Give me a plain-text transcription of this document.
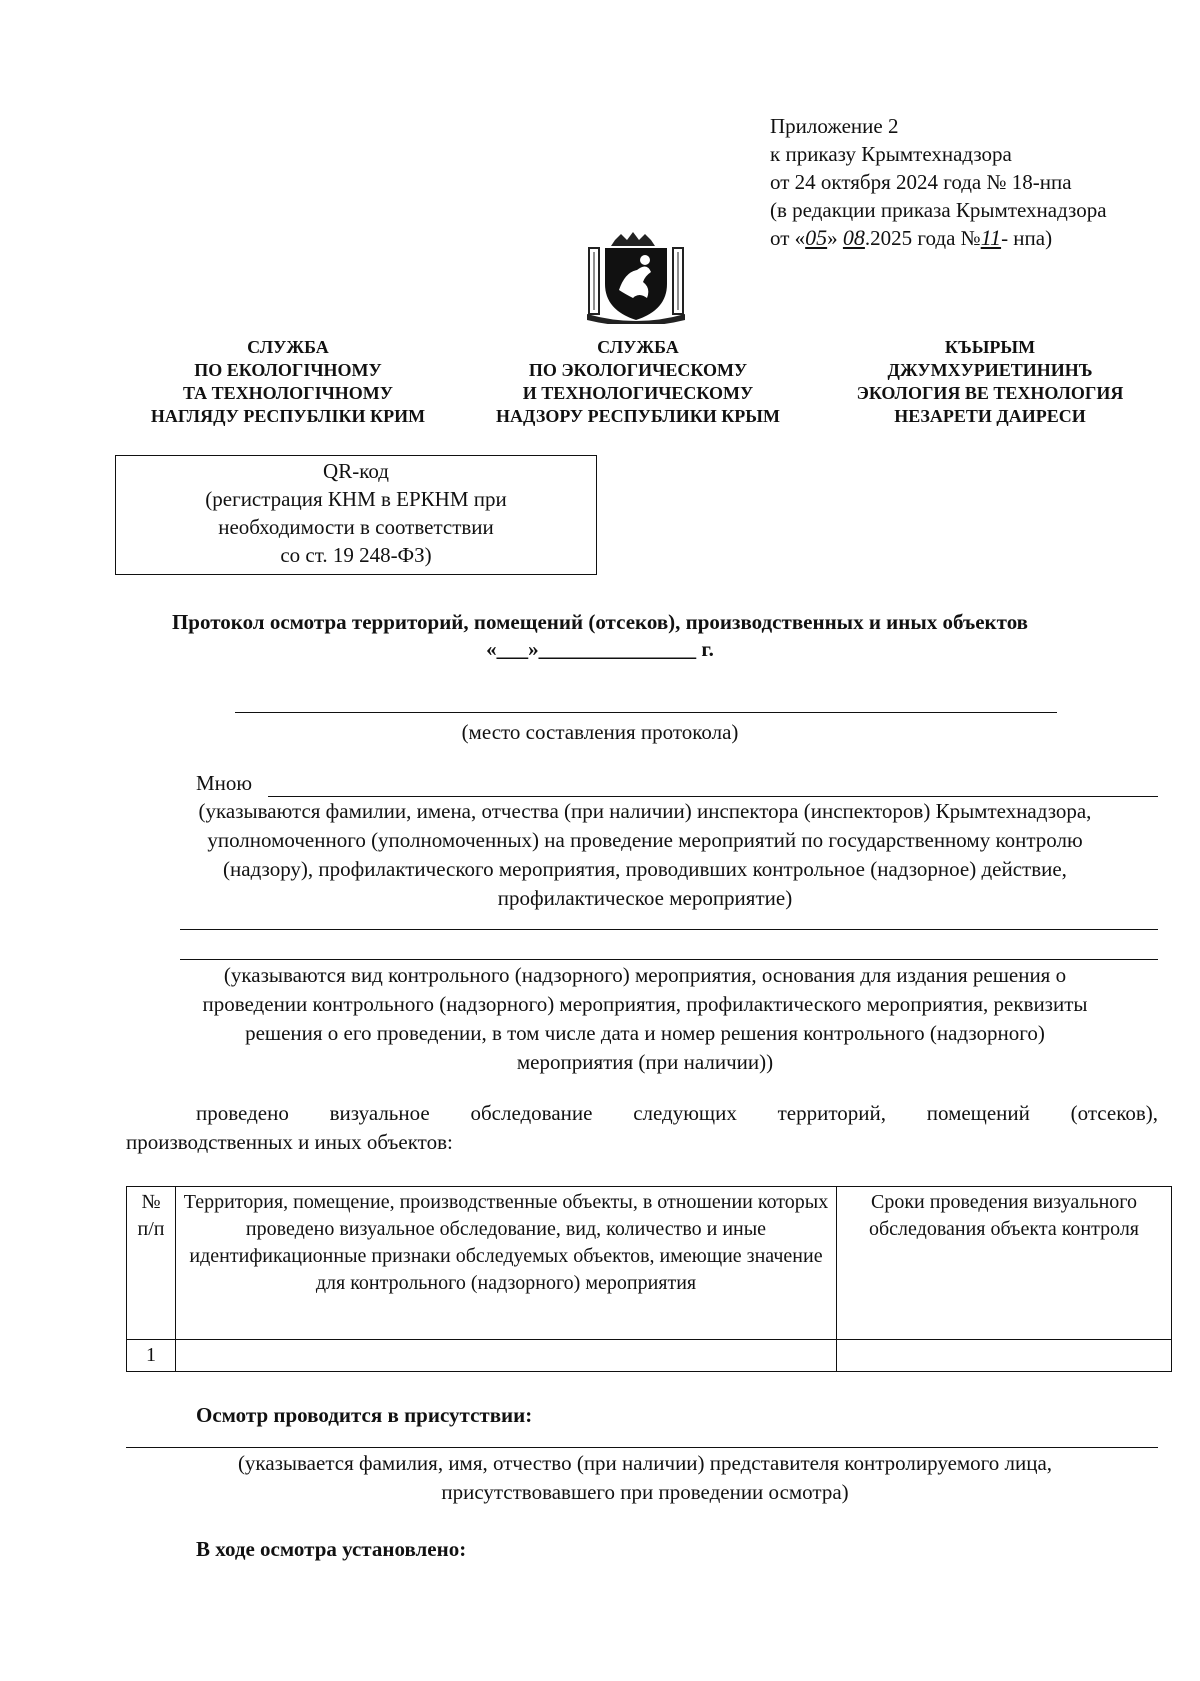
Приложение 2
к приказу Крымтехнадзора
от 24 октября 2024 года № 18-нпа
(в редакции приказа Крымтехнадзора
от «05» 08.2025 года №11- нпа)
СЛУЖБА
ПО ЕКОЛОГІЧНОМУ
ТА ТЕХНОЛОГІЧНОМУ
НАГЛЯДУ РЕСПУБЛІКИ КРИМ
СЛУЖБА
ПО ЭКОЛОГИЧЕСКОМУ
И ТЕХНОЛОГИЧЕСКОМУ
НАДЗОРУ РЕСПУБЛИКИ КРЫМ
КЪЫРЫМ
ДЖУМХУРИЕТИНИНЪ
ЭКОЛОГИЯ ВЕ ТЕХНОЛОГИЯ
НЕЗАРЕТИ ДАИРЕСИ
QR-код
(регистрация КНМ в ЕРКНМ при
необходимости в соответствии
со ст. 19 248-ФЗ)
Протокол осмотра территорий, помещений (отсеков), производственных и иных объектов
«___»_______________ г.
(место составления протокола)
Мною
(указываются фамилии, имена, отчества (при наличии) инспектора (инспекторов) Крымтехнадзора,
уполномоченного (уполномоченных) на проведение мероприятий по государственному контролю
(надзору), профилактического мероприятия, проводивших контрольное (надзорное) действие,
профилактическое мероприятие)
(указываются вид контрольного (надзорного) мероприятия, основания для издания решения о
проведении контрольного (надзорного) мероприятия, профилактического мероприятия, реквизиты
решения о его проведении, в том числе дата и номер решения контрольного (надзорного)
мероприятия (при наличии))
проведено визуальное обследование следующих территорий, помещений (отсеков),
производственных и иных объектов:
№ п/п	Территория, помещение, производственные объекты, в отношении которых проведено визуальное обследование, вид, количество и иные идентификационные признаки обследуемых объектов, имеющие значение для контрольного (надзорного) мероприятия	Сроки проведения визуального обследования объекта контроля
1		
Осмотр проводится в присутствии:
(указывается фамилия, имя, отчество (при наличии) представителя контролируемого лица,
присутствовавшего при проведении осмотра)
В ходе осмотра установлено:
